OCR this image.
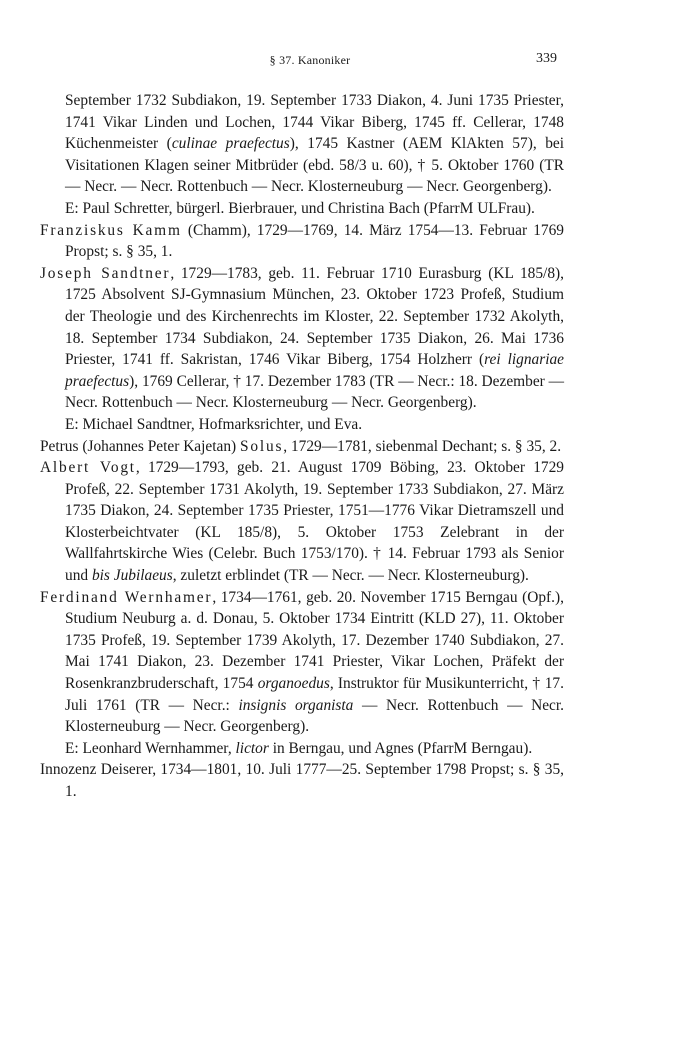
§ 37. Kanoniker	339

September 1732 Subdiakon, 19. September 1733 Diakon, 4. Juni 1735 Priester, 1741 Vikar Linden und Lochen, 1744 Vikar Biberg, 1745 ff. Cellerar, 1748 Küchenmeister (culinae praefectus), 1745 Kastner (AEM KlAkten 57), bei Visitationen Klagen seiner Mitbrüder (ebd. 58/3 u. 60), † 5. Oktober 1760 (TR — Necr. — Necr. Rottenbuch — Necr. Klosterneuburg — Necr. Georgenberg).

E: Paul Schretter, bürgerl. Bierbrauer, und Christina Bach (PfarrM ULFrau).

Franziskus Kamm (Chamm), 1729—1769, 14. März 1754—13. Februar 1769 Propst; s. § 35, 1.

Joseph Sandtner, 1729—1783, geb. 11. Februar 1710 Eurasburg (KL 185/8), 1725 Absolvent SJ-Gymnasium München, 23. Oktober 1723 Profeß, Studium der Theologie und des Kirchenrechts im Kloster, 22. September 1732 Akolyth, 18. September 1734 Subdiakon, 24. September 1735 Diakon, 26. Mai 1736 Priester, 1741 ff. Sakristan, 1746 Vikar Biberg, 1754 Holzherr (rei lignariae praefectus), 1769 Cellerar, † 17. Dezember 1783 (TR — Necr.: 18. Dezember — Necr. Rottenbuch — Necr. Klosterneuburg — Necr. Georgenberg).

E: Michael Sandtner, Hofmarksrichter, und Eva.

Petrus (Johannes Peter Kajetan) Solus, 1729—1781, siebenmal Dechant; s. § 35, 2.

Albert Vogt, 1729—1793, geb. 21. August 1709 Böbing, 23. Oktober 1729 Profeß, 22. September 1731 Akolyth, 19. September 1733 Subdiakon, 27. März 1735 Diakon, 24. September 1735 Priester, 1751—1776 Vikar Dietramszell und Klosterbeichtvater (KL 185/8), 5. Oktober 1753 Zelebrant in der Wallfahrtskirche Wies (Celebr. Buch 1753/170). † 14. Februar 1793 als Senior und bis Jubilaeus, zuletzt erblindet (TR — Necr. — Necr. Klosterneuburg).

Ferdinand Wernhamer, 1734—1761, geb. 20. November 1715 Berngau (Opf.), Studium Neuburg a. d. Donau, 5. Oktober 1734 Eintritt (KLD 27), 11. Oktober 1735 Profeß, 19. September 1739 Akolyth, 17. Dezember 1740 Subdiakon, 27. Mai 1741 Diakon, 23. Dezember 1741 Priester, Vikar Lochen, Präfekt der Rosenkranzbruderschaft, 1754 organoedus, Instruktor für Musikunterricht, † 17. Juli 1761 (TR — Necr.: insignis organista — Necr. Rottenbuch — Necr. Klosterneuburg — Necr. Georgenberg).

E: Leonhard Wernhammer, lictor in Berngau, und Agnes (PfarrM Berngau).

Innozenz Deiserer, 1734—1801, 10. Juli 1777—25. September 1798 Propst; s. § 35, 1.
